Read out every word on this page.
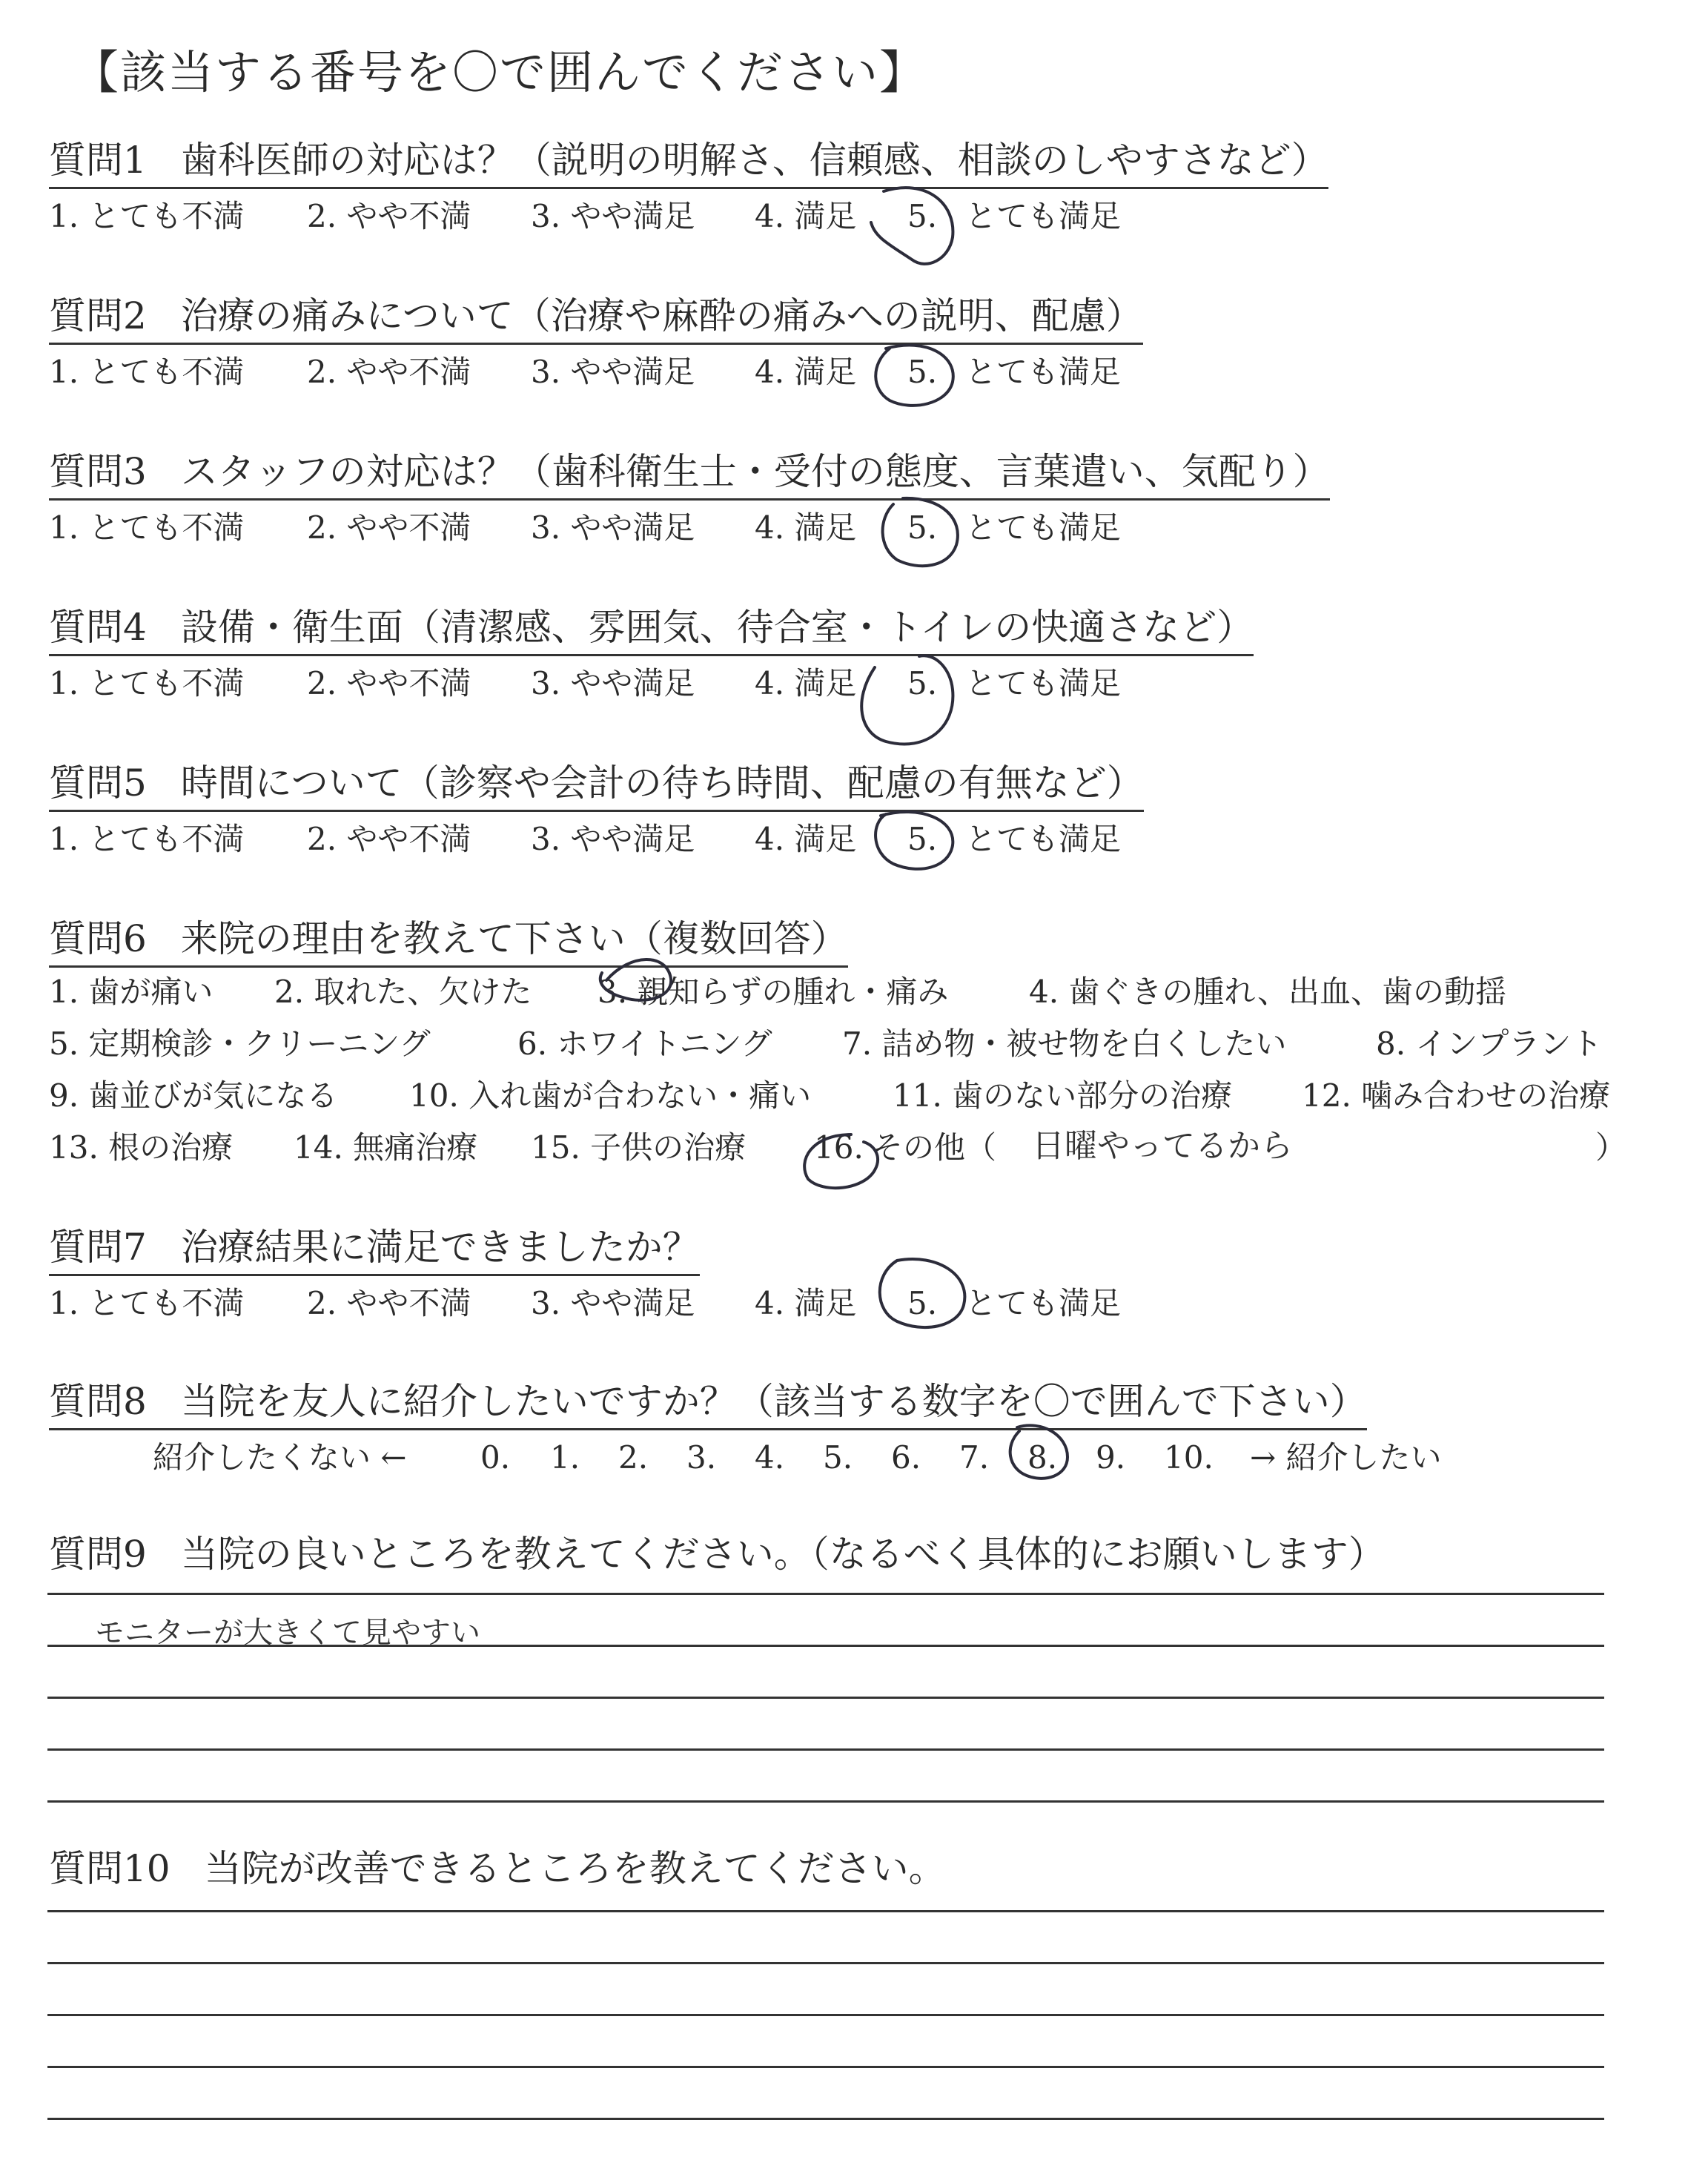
【該当する番号を〇で囲んでください】
質問1 歯科医師の対応は？（説明の明解さ、信頼感、相談のしやすさなど）
1. とても不満 2. やや不満 3. やや満足 4. 満足 5. とても満足
質問2 治療の痛みについて（治療や麻酔の痛みへの説明、配慮）
1. とても不満 2. やや不満 3. やや満足 4. 満足 5. とても満足
質問3 スタッフの対応は？（歯科衛生士・受付の態度、言葉遣い、気配り）
1. とても不満 2. やや不満 3. やや満足 4. 満足 5. とても満足
質問4 設備・衛生面（清潔感、雰囲気、待合室・トイレの快適さなど）
1. とても不満 2. やや不満 3. やや満足 4. 満足 5. とても満足
質問5 時間について（診察や会計の待ち時間、配慮の有無など）
1. とても不満 2. やや不満 3. やや満足 4. 満足 5. とても満足
質問6 来院の理由を教えて下さい（複数回答）
1. 歯が痛い 2. 取れた、欠けた 3. 親知らずの腫れ・痛み	4. 歯ぐきの腫れ、出血、歯の動揺
5. 定期検診・クリーニング	6. ホワイトニング 7. 詰め物・被せ物を白くしたい	8. インプラント
9. 歯並びが気になる 10. 入れ歯が合わない・痛い	11. 歯のない部分の治療 12. 噛み合わせの治療
13. 根の治療 14. 無痛治療 15. 子供の治療 16. その他（ 日曜やってるから	）
質問7 治療結果に満足できましたか？
1. とても不満 2. やや不満 3. やや満足 4. 満足 5. とても満足
質問8 当院を友人に紹介したいですか？（該当する数字を〇で囲んで下さい）
紹介したくない ← 0. 1. 2. 3. 4. 5. 6. 7. 8. 9. 10. → 紹介したい
質問9 当院の良いところを教えてください。（なるべく具体的にお願いします）
モニターが大きくて見やすい
質問10 当院が改善できるところを教えてください。
